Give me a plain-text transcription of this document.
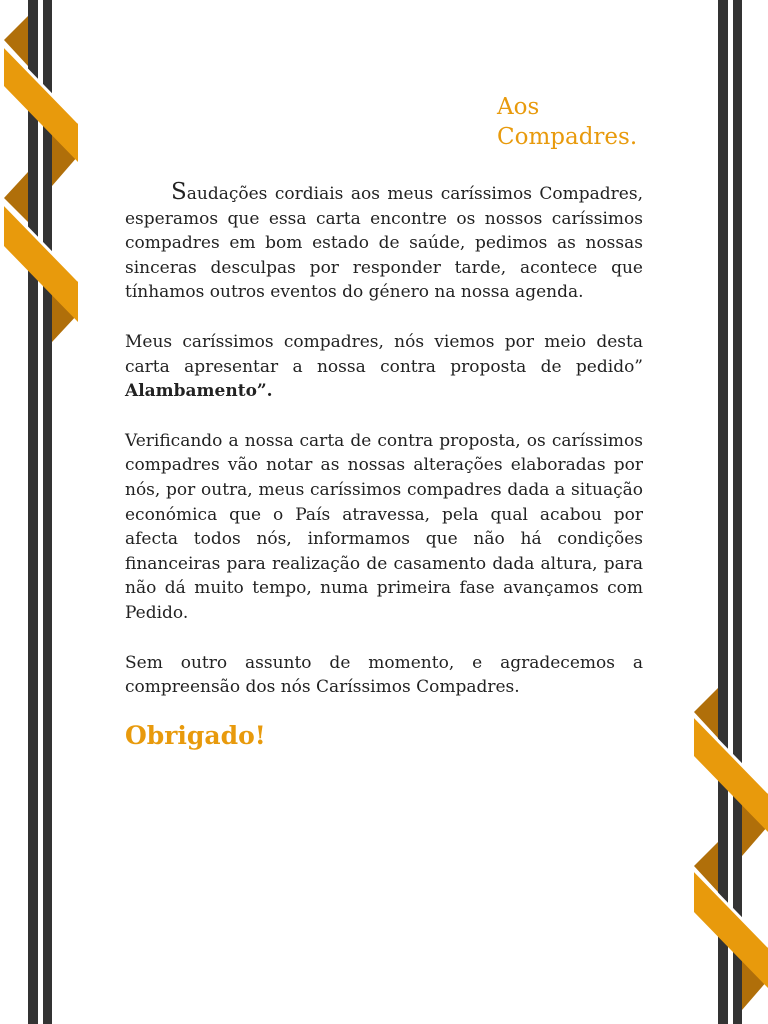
Aos Compadres.

Saudações cordiais aos meus caríssimos Compadres, esperamos que essa carta encontre os nossos caríssimos compadres em bom estado de saúde, pedimos as nossas sinceras desculpas por responder tarde, acontece que tínhamos outros eventos do género na nossa agenda.

Meus caríssimos compadres, nós viemos por meio desta carta apresentar a nossa contra proposta de pedido” Alambamento”.

Verificando a nossa carta de contra proposta, os caríssimos compadres vão notar as nossas alterações elaboradas por nós, por outra, meus caríssimos compadres dada a situação económica que o País atravessa, pela qual acabou por afecta todos nós, informamos que não há condições financeiras para realização de casamento dada altura, para não dá muito tempo, numa primeira fase avançamos com Pedido.

Sem outro assunto de momento, e agradecemos a compreensão dos nós Caríssimos Compadres.

Obrigado!
